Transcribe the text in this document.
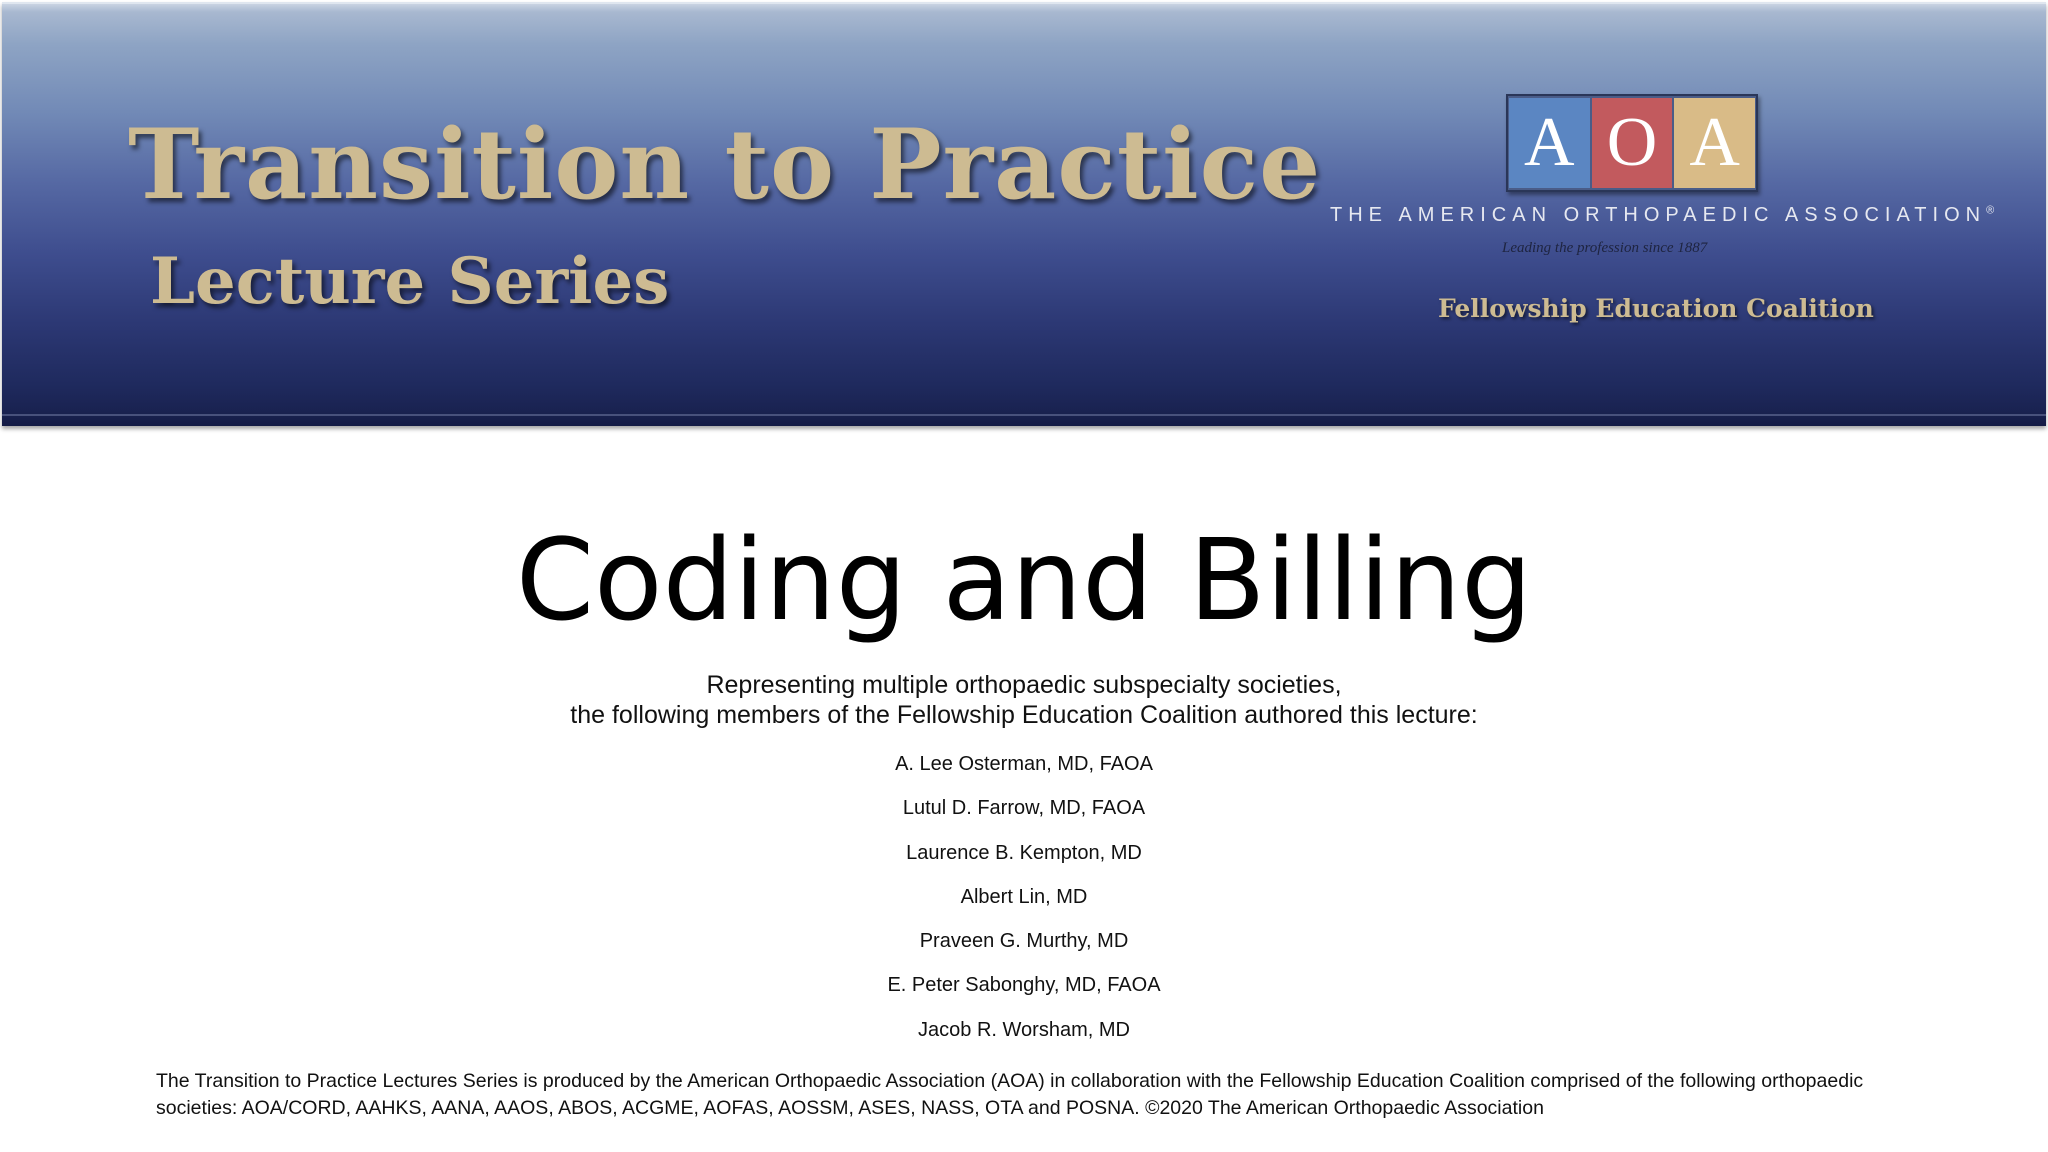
Transition to Practice
Lecture Series
A O A
THE AMERICAN ORTHOPAEDIC ASSOCIATION®
Leading the profession since 1887
Fellowship Education Coalition
Coding and Billing
Representing multiple orthopaedic subspecialty societies,
the following members of the Fellowship Education Coalition authored this lecture:
A. Lee Osterman, MD, FAOA
Lutul D. Farrow, MD, FAOA
Laurence B. Kempton, MD
Albert Lin, MD
Praveen G. Murthy, MD
E. Peter Sabonghy, MD, FAOA
Jacob R. Worsham, MD
The Transition to Practice Lectures Series is produced by the American Orthopaedic Association (AOA) in collaboration with the Fellowship Education Coalition comprised of the following orthopaedic societies: AOA/CORD, AAHKS, AANA, AAOS, ABOS, ACGME, AOFAS, AOSSM, ASES, NASS, OTA and POSNA. ©2020 The American Orthopaedic Association
